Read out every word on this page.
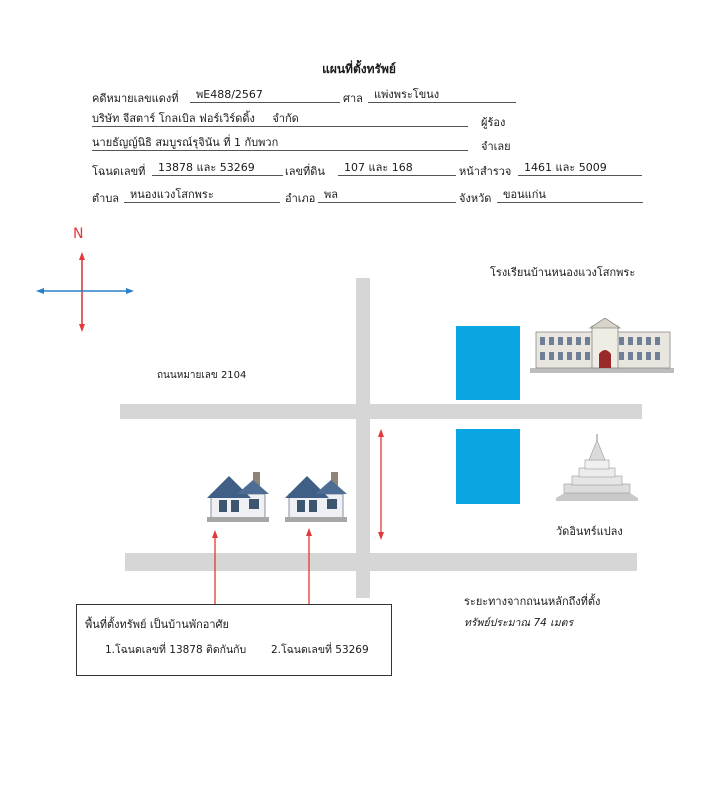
แผนที่ตั้งทรัพย์
คดีหมายเลขแดงที่	พE488/2567	ศาล	แพ่งพระโขนง
บริษัท จีสตาร์ โกลเบิล ฟอร์เวิร์ดดิ้ง จำกัด	ผู้ร้อง
นายธัญญ์นิธิ สมบูรณ์รุจินัน ที่ 1 กับพวก	จำเลย
โฉนดเลขที่	13878 และ 53269	เลขที่ดิน	107 และ 168	หน้าสำรวจ	1461 และ 5009
ตำบล หนองแวงโสกพระ	อำเภอ พล	จังหวัด	ขอนแก่น
N
โรงเรียนบ้านหนองแวงโสกพระ
ถนนหมายเลข 2104
วัดอินทร์แปลง
ระยะทางจากถนนหลักถึงที่ตั้ง
ทรัพย์ประมาณ 74 เมตร
พื้นที่ตั้งทรัพย์ เป็นบ้านพักอาศัย
1.โฉนดเลขที่ 13878 ติดกันกับ 2.โฉนดเลขที่ 53269
